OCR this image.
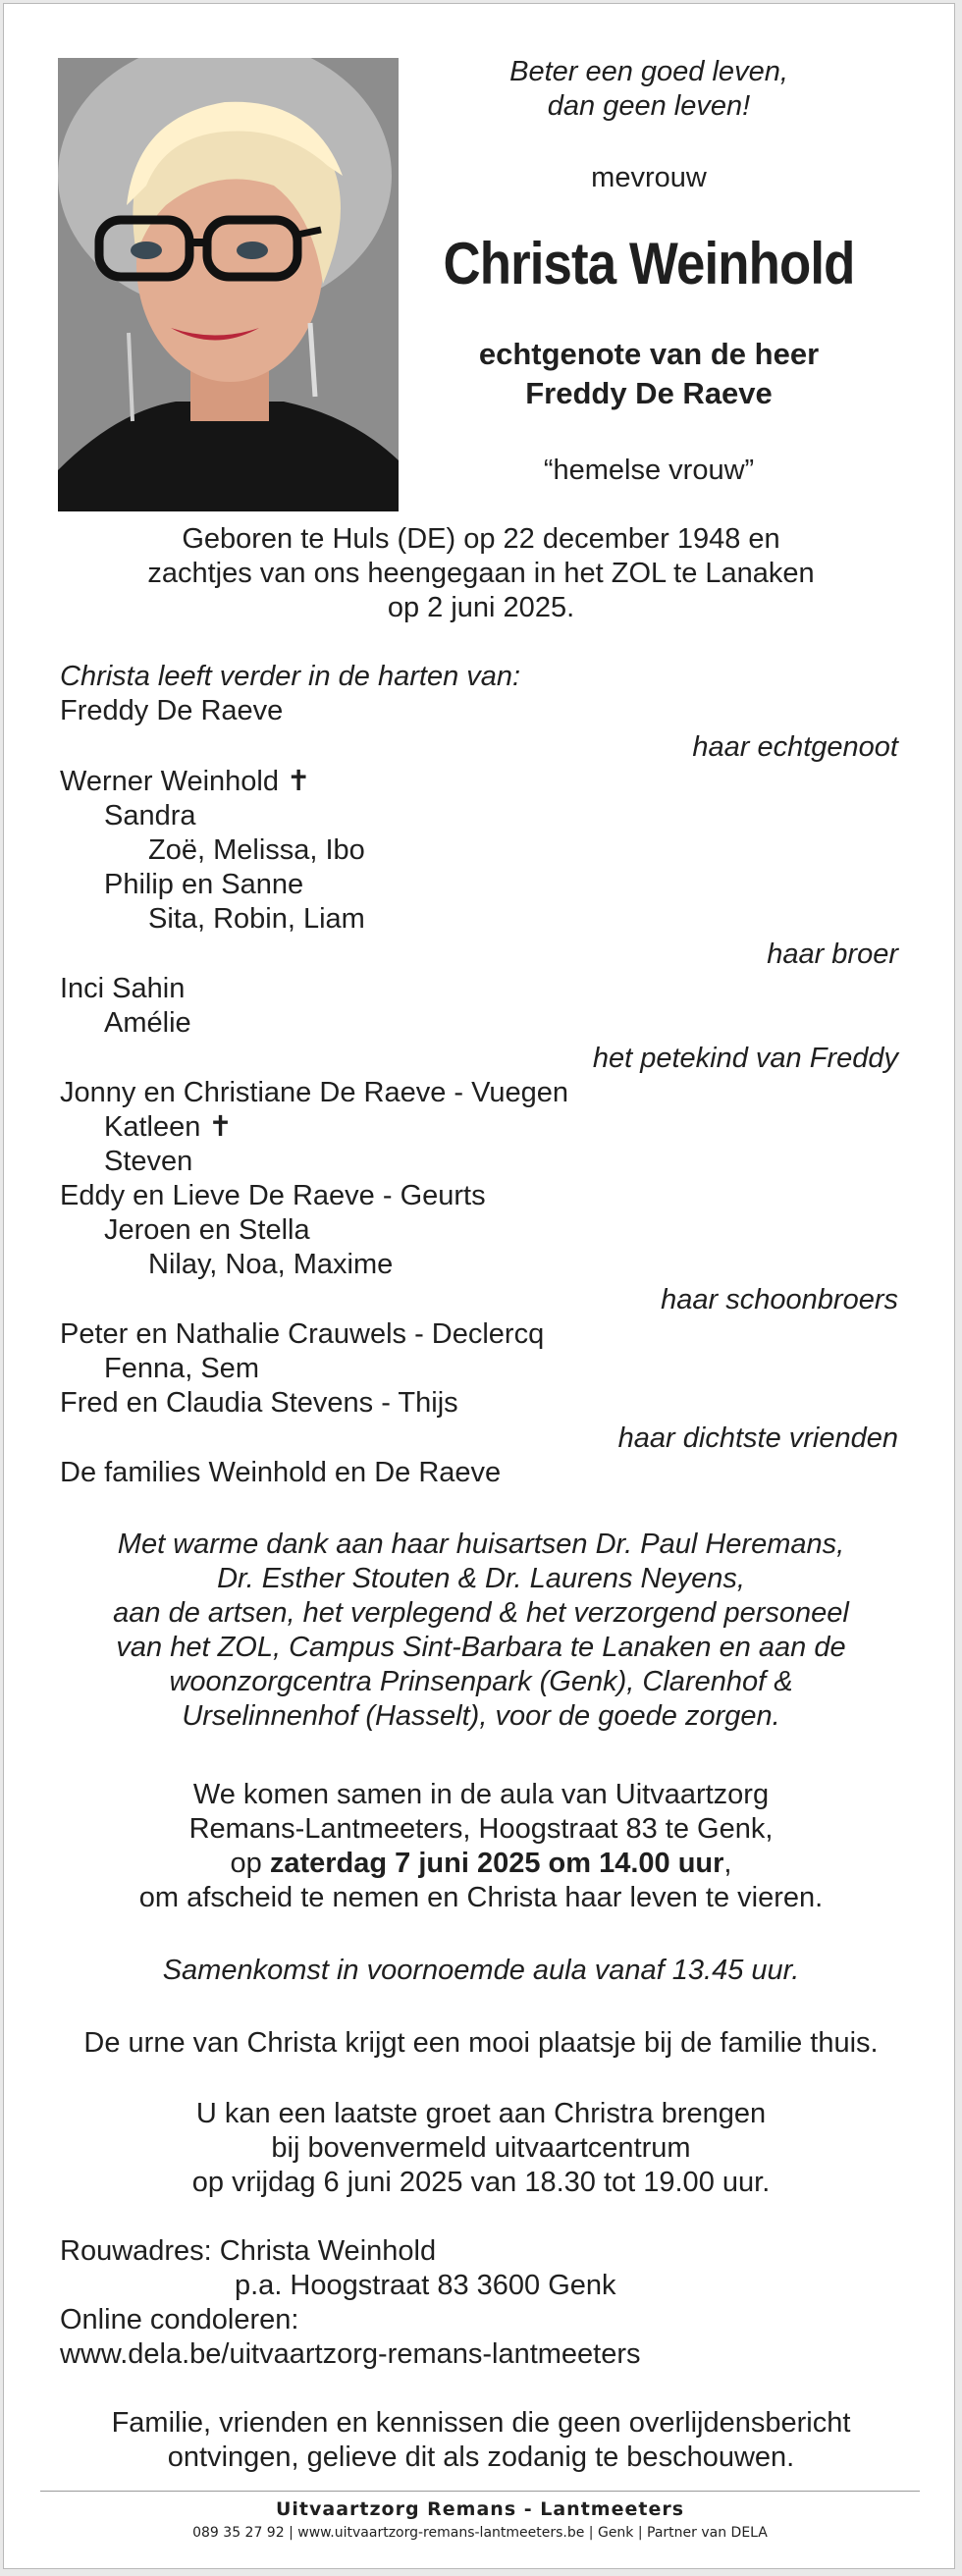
Beter een goed leven,
dan geen leven!
mevrouw
Christa Weinhold
echtgenote van de heer
Freddy De Raeve
“hemelse vrouw”
Geboren te Huls (DE) op 22 december 1948 en
zachtjes van ons heengegaan in het ZOL te Lanaken
op 2 juni 2025.
Christa leeft verder in de harten van:
Freddy De Raeve
haar echtgenoot
Werner Weinhold ✝
Sandra
Zoë, Melissa, Ibo
Philip en Sanne
Sita, Robin, Liam
haar broer
Inci Sahin
Amélie
het petekind van Freddy
Jonny en Christiane De Raeve - Vuegen
Katleen ✝
Steven
Eddy en Lieve De Raeve - Geurts
Jeroen en Stella
Nilay, Noa, Maxime
haar schoonbroers
Peter en Nathalie Crauwels - Declercq
Fenna, Sem
Fred en Claudia Stevens - Thijs
haar dichtste vrienden
De families Weinhold en De Raeve
Met warme dank aan haar huisartsen Dr. Paul Heremans,
Dr. Esther Stouten & Dr. Laurens Neyens,
aan de artsen, het verplegend & het verzorgend personeel
van het ZOL, Campus Sint-Barbara te Lanaken en aan de
woonzorgcentra Prinsenpark (Genk), Clarenhof &
Urselinnenhof (Hasselt), voor de goede zorgen.
We komen samen in de aula van Uitvaartzorg
Remans-Lantmeeters, Hoogstraat 83 te Genk,
op zaterdag 7 juni 2025 om 14.00 uur,
om afscheid te nemen en Christa haar leven te vieren.
Samenkomst in voornoemde aula vanaf 13.45 uur.
De urne van Christa krijgt een mooi plaatsje bij de familie thuis.
U kan een laatste groet aan Christra brengen
bij bovenvermeld uitvaartcentrum
op vrijdag 6 juni 2025 van 18.30 tot 19.00 uur.
Rouwadres: Christa Weinhold
p.a. Hoogstraat 83 3600 Genk
Online condoleren:
www.dela.be/uitvaartzorg-remans-lantmeeters
Familie, vrienden en kennissen die geen overlijdensbericht
ontvingen, gelieve dit als zodanig te beschouwen.
Uitvaartzorg Remans - Lantmeeters
089 35 27 92 | www.uitvaartzorg-remans-lantmeeters.be | Genk | Partner van DELA
